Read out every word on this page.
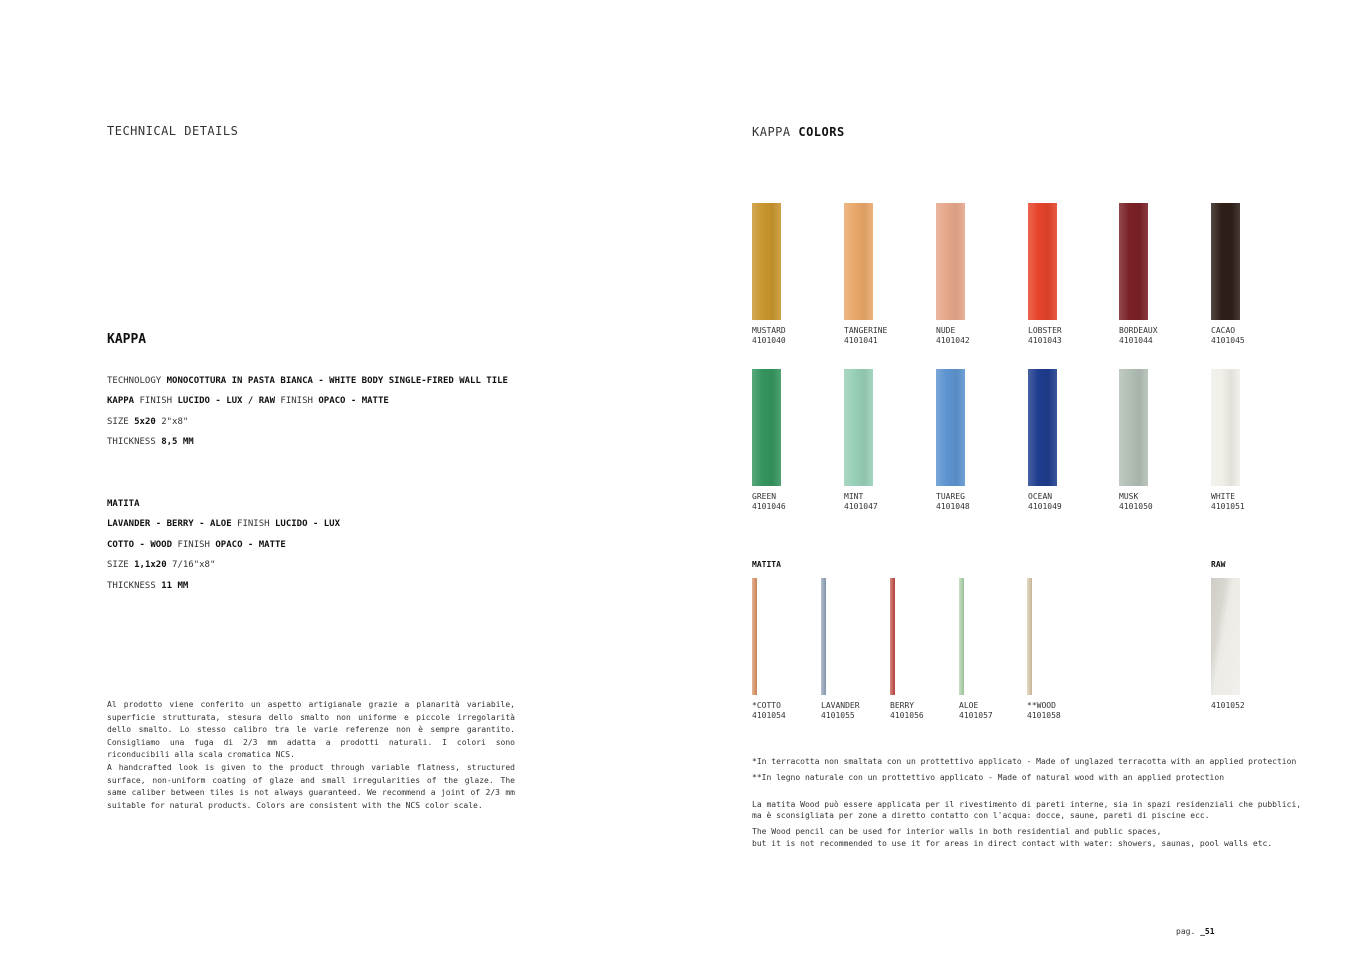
TECHNICAL DETAILS
KAPPA
TECHNOLOGY MONOCOTTURA IN PASTA BIANCA - WHITE BODY SINGLE-FIRED WALL TILE
KAPPA FINISH LUCIDO - LUX / RAW FINISH OPACO - MATTE
SIZE 5x20 2"x8"
THICKNESS 8,5 MM
MATITA
LAVANDER - BERRY - ALOE FINISH LUCIDO - LUX
COTTO - WOOD FINISH OPACO - MATTE
SIZE 1,1x20 7/16"x8"
THICKNESS 11 MM
Al prodotto viene conferito un aspetto artigianale grazie a planarità variabile, superficie strutturata, stesura dello smalto non uniforme e piccole irregolarità dello smalto. Lo stesso calibro tra le varie referenze non è sempre garantito. Consigliamo una fuga di 2/3 mm adatta a prodotti naturali. I colori sono riconducibili alla scala cromatica NCS.
A handcrafted look is given to the product through variable flatness, structured surface, non-uniform coating of glaze and small irregularities of the glaze. The same caliber between tiles is not always guaranteed. We recommend a joint of 2/3 mm suitable for natural products. Colors are consistent with the NCS color scale.
KAPPA COLORS
MUSTARD
4101040
TANGERINE
4101041
NUDE
4101042
LOBSTER
4101043
BORDEAUX
4101044
CACAO
4101045
GREEN
4101046
MINT
4101047
TUAREG
4101048
OCEAN
4101049
MUSK
4101050
WHITE
4101051
*COTTO
4101054
LAVANDER
4101055
BERRY
4101056
ALOE
4101057
**WOOD
4101058
MATITA	RAW
4101052
*In terracotta non smaltata con un prottettivo applicato - Made of unglazed terracotta with an applied protection
**In legno naturale con un prottettivo applicato - Made of natural wood with an applied protection
La matita Wood può essere applicata per il rivestimento di pareti interne, sia in spazi residenziali che pubblici,
ma è sconsigliata per zone a diretto contatto con l'acqua: docce, saune, pareti di piscine ecc.
The Wood pencil can be used for interior walls in both residential and public spaces,
but it is not recommended to use it for areas in direct contact with water: showers, saunas, pool walls etc.
pag. _51
